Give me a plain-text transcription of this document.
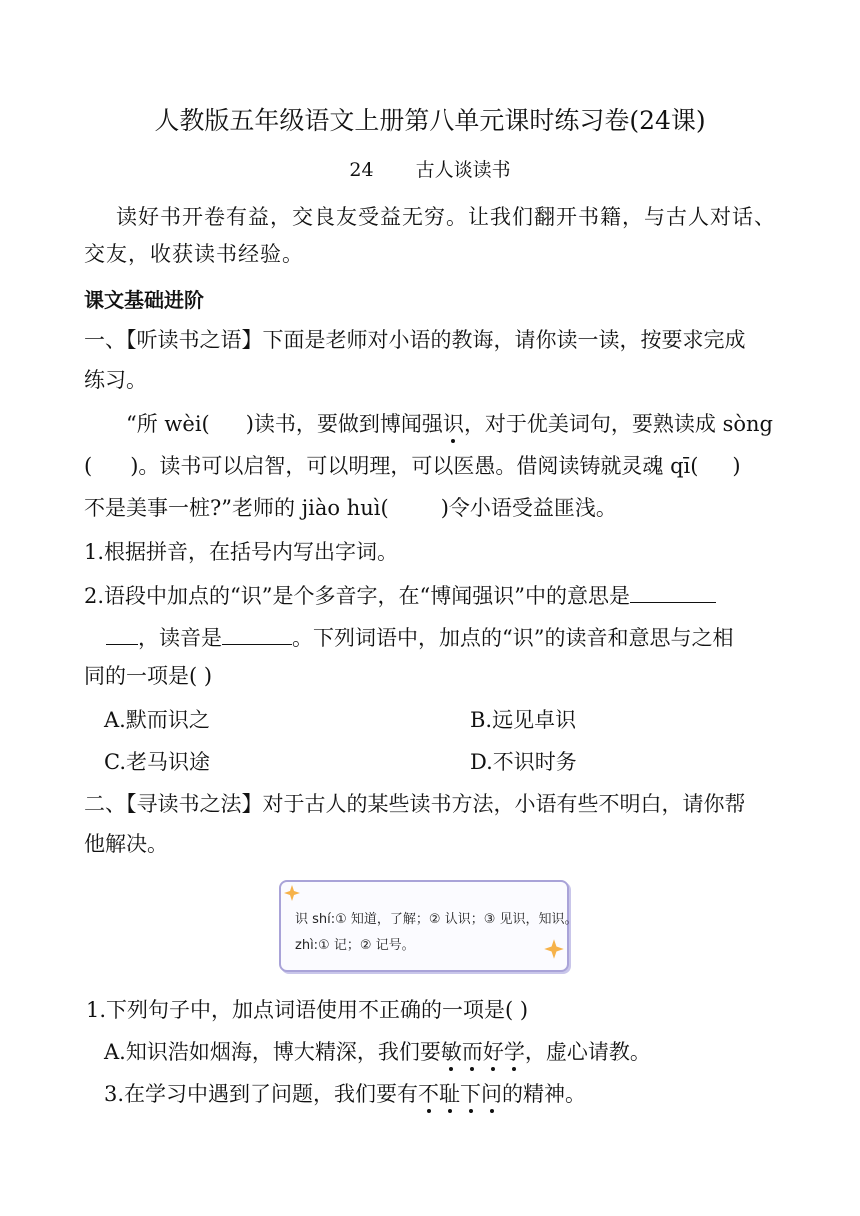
人教版五年级语文上册第八单元课时练习卷(24课)
24 古人谈读书
读好书开卷有益，交良友受益无穷。让我们翻开书籍，与古人对话、
交友，收获读书经验。
课文基础进阶
一、【听读书之语】下面是老师对小语的教诲，请你读一读，按要求完成
练习。
“所 wèi( )读书，要做到博闻强识，对于优美词句，要熟读成 sòng
( )。读书可以启智，可以明理，可以医愚。借阅读铸就灵魂 qī( )
不是美事一桩?”老师的 jiào huì( )令小语受益匪浅。
1.根据拼音，在括号内写出字词。
2.语段中加点的“识”是个多音字，在“博闻强识”中的意思是
，读音是	。下列词语中，加点的“识”的读音和意思与之相
同的一项是( )
A.默而识之	B.远见卓识
C.老马识途	D.不识时务
二、【寻读书之法】对于古人的某些读书方法，小语有些不明白，请你帮
他解决。
识 shí:① 知道，了解；② 认识；③ 见识，知识。
zhì:① 记；② 记号。
1.下列句子中，加点词语使用不正确的一项是( )
A.知识浩如烟海，博大精深，我们要敏而好学，虚心请教。
3.在学习中遇到了问题，我们要有不耻下问的精神。
